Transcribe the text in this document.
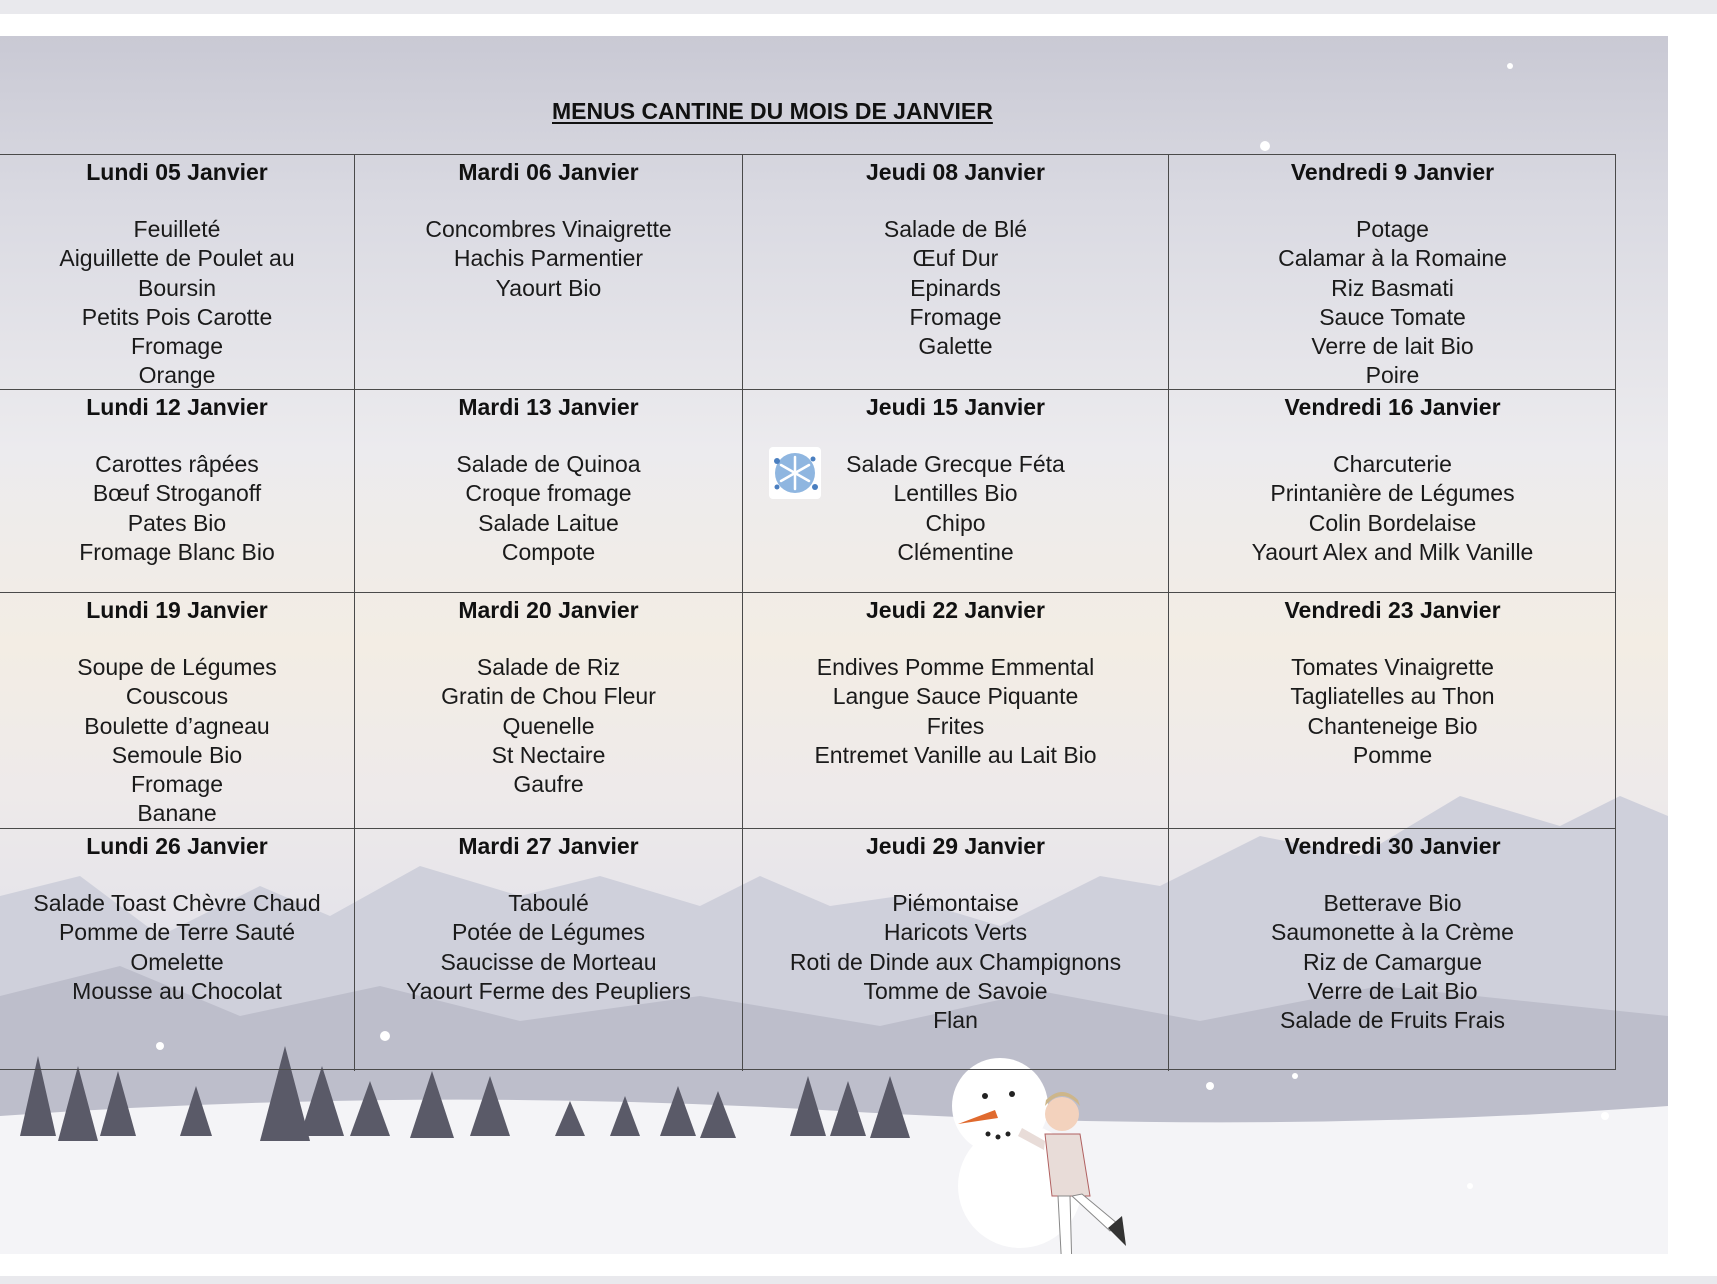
MENUS CANTINE DU MOIS DE JANVIER
Lundi 05 Janvier
Feuilleté
Aiguillette de Poulet au
Boursin
Petits Pois Carotte
Fromage
Orange
Mardi 06 Janvier
Concombres Vinaigrette
Hachis Parmentier
Yaourt Bio
Jeudi 08 Janvier
Salade de Blé
Œuf Dur
Epinards
Fromage
Galette
Vendredi 9 Janvier
Potage
Calamar à la Romaine
Riz Basmati
Sauce Tomate
Verre de lait Bio
Poire
Lundi 12 Janvier
Carottes râpées
Bœuf Stroganoff
Pates Bio
Fromage Blanc Bio
Mardi 13 Janvier
Salade de Quinoa
Croque fromage
Salade Laitue
Compote
Jeudi 15 Janvier
Salade Grecque Féta
Lentilles Bio
Chipo
Clémentine
Vendredi 16 Janvier
Charcuterie
Printanière de Légumes
Colin Bordelaise
Yaourt Alex and Milk Vanille
Lundi 19 Janvier
Soupe de Légumes
Couscous
Boulette d’agneau
Semoule Bio
Fromage
Banane
Mardi 20 Janvier
Salade de Riz
Gratin de Chou Fleur
Quenelle
St Nectaire
Gaufre
Jeudi 22 Janvier
Endives Pomme Emmental
Langue Sauce Piquante
Frites
Entremet Vanille au Lait Bio
Vendredi 23 Janvier
Tomates Vinaigrette
Tagliatelles au Thon
Chanteneige Bio
Pomme
Lundi 26 Janvier
Salade Toast Chèvre Chaud
Pomme de Terre Sauté
Omelette
Mousse au Chocolat
Mardi 27 Janvier
Taboulé
Potée de Légumes
Saucisse de Morteau
Yaourt Ferme des Peupliers
Jeudi 29 Janvier
Piémontaise
Haricots Verts
Roti de Dinde aux Champignons
Tomme de Savoie
Flan
Vendredi 30 Janvier
Betterave Bio
Saumonette à la Crème
Riz de Camargue
Verre de Lait Bio
Salade de Fruits Frais
